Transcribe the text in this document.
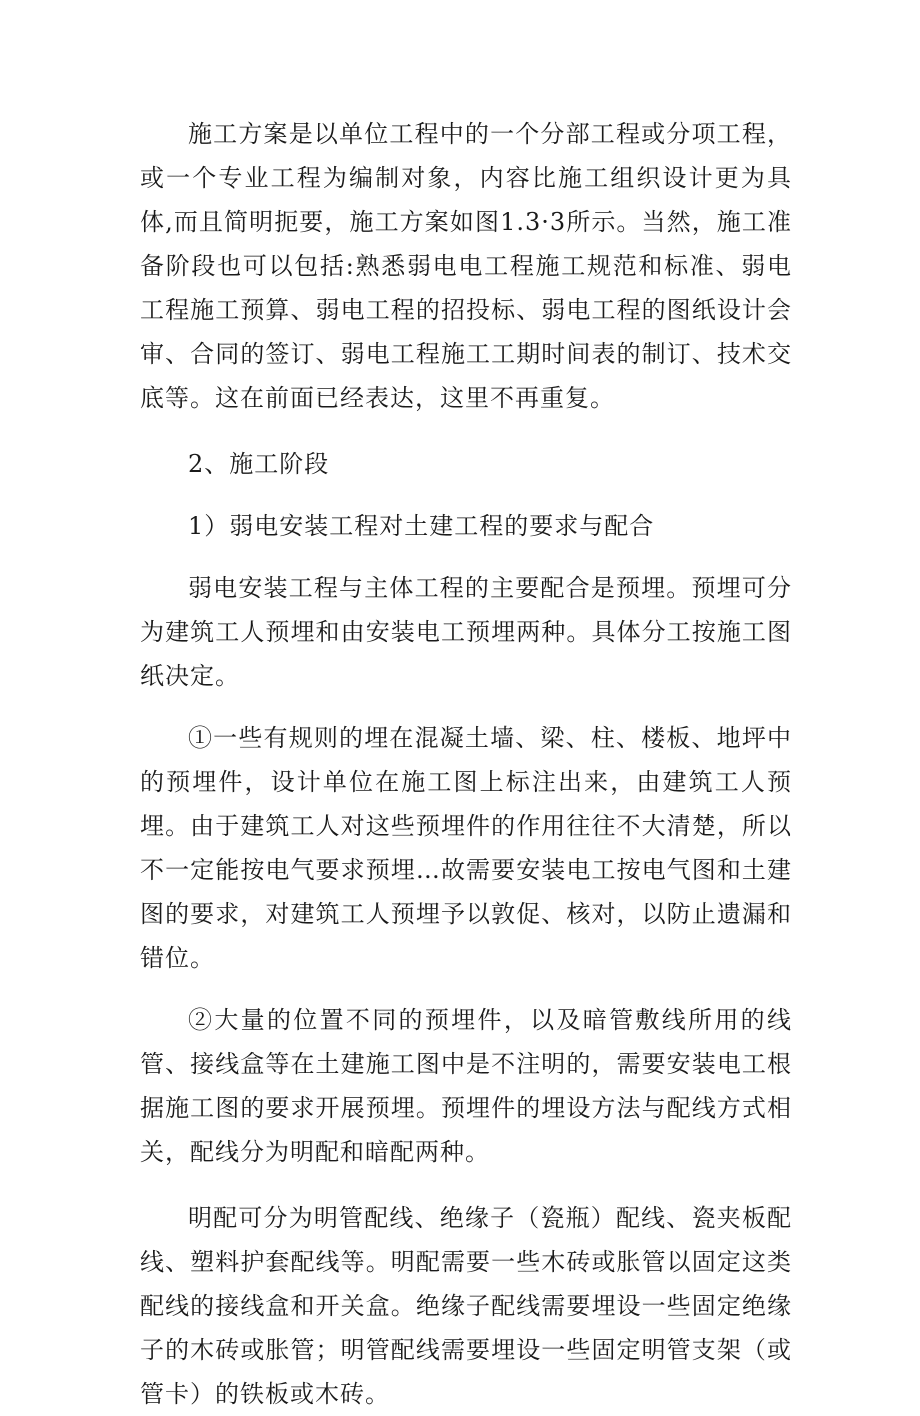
施工方案是以单位工程中的一个分部工程或分项工程，或一个专业工程为编制对象，内容比施工组织设计更为具体,而且简明扼要，施工方案如图1.3·3所示。当然，施工准备阶段也可以包括:熟悉弱电电工程施工规范和标准、弱电工程施工预算、弱电工程的招投标、弱电工程的图纸设计会审、合同的签订、弱电工程施工工期时间表的制订、技术交底等。这在前面已经表达，这里不再重复。

2、施工阶段

1）弱电安装工程对土建工程的要求与配合

弱电安装工程与主体工程的主要配合是预埋。预埋可分为建筑工人预埋和由安装电工预埋两种。具体分工按施工图纸决定。

①一些有规则的埋在混凝土墙、梁、柱、楼板、地坪中的预埋件，设计单位在施工图上标注出来，由建筑工人预埋。由于建筑工人对这些预埋件的作用往往不大清楚，所以不一定能按电气要求预埋…故需要安装电工按电气图和土建图的要求，对建筑工人预埋予以敦促、核对，以防止遗漏和错位。

②大量的位置不同的预埋件，以及暗管敷线所用的线管、接线盒等在土建施工图中是不注明的，需要安装电工根据施工图的要求开展预埋。预埋件的埋设方法与配线方式相关，配线分为明配和暗配两种。

明配可分为明管配线、绝缘子（瓷瓶）配线、瓷夹板配线、塑料护套配线等。明配需要一些木砖或胀管以固定这类配线的接线盒和开关盒。绝缘子配线需要埋设一些固定绝缘子的木砖或胀管；明管配线需要埋设一些固定明管支架（或管卡）的铁板或木砖。
